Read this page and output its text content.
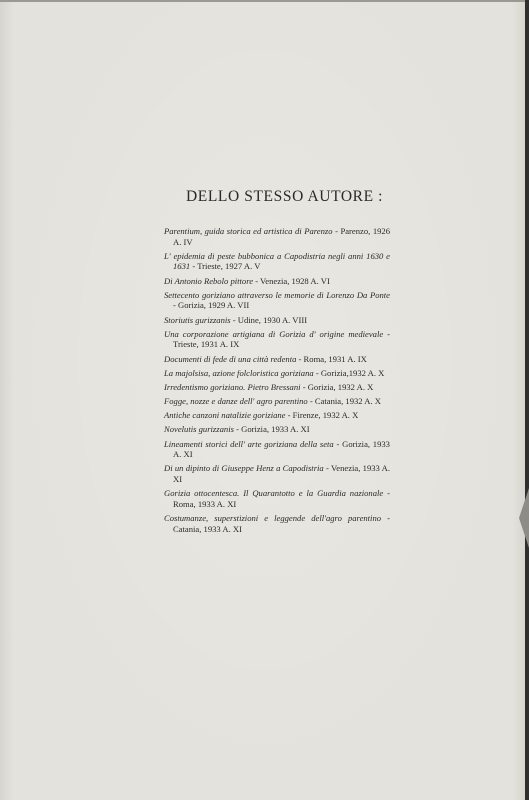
DELLO STESSO AUTORE :
Parentium, guida storica ed artistica di Parenzo - Parenzo, 1926 A. IV
L' epidemia di peste bubbonica a Capodistria negli anni 1630 e 1631 - Trieste, 1927 A. V
Di Antonio Rebolo pittore - Venezia, 1928 A. VI
Settecento goriziano attraverso le memorie di Lorenzo Da Ponte - Gorizia, 1929 A. VII
Storiutis gurizzanis - Udine, 1930 A. VIII
Una corporazione artigiana di Gorizia d' origine medievale - Trieste, 1931 A. IX
Documenti di fede di una città redenta - Roma, 1931 A. IX
La majolsisa, azione folcloristica goriziana - Gorizia,1932 A. X
Irredentismo goriziano. Pietro Bressani - Gorizia, 1932 A. X
Fogge, nozze e danze dell' agro parentino - Catania, 1932 A. X
Antiche canzoni natalizie goriziane - Firenze, 1932 A. X
Novelutis gurizzanis - Gorizia, 1933 A. XI
Lineamenti storici dell' arte goriziana della seta - Gorizia, 1933 A. XI
Di un dipinto di Giuseppe Henz a Capodistria - Venezia, 1933 A. XI
Gorizia ottocentesca. Il Quarantotto e la Guardia nazionale - Roma, 1933 A. XI
Costumanze, superstizioni e leggende dell'agro parentino - Catania, 1933 A. XI
